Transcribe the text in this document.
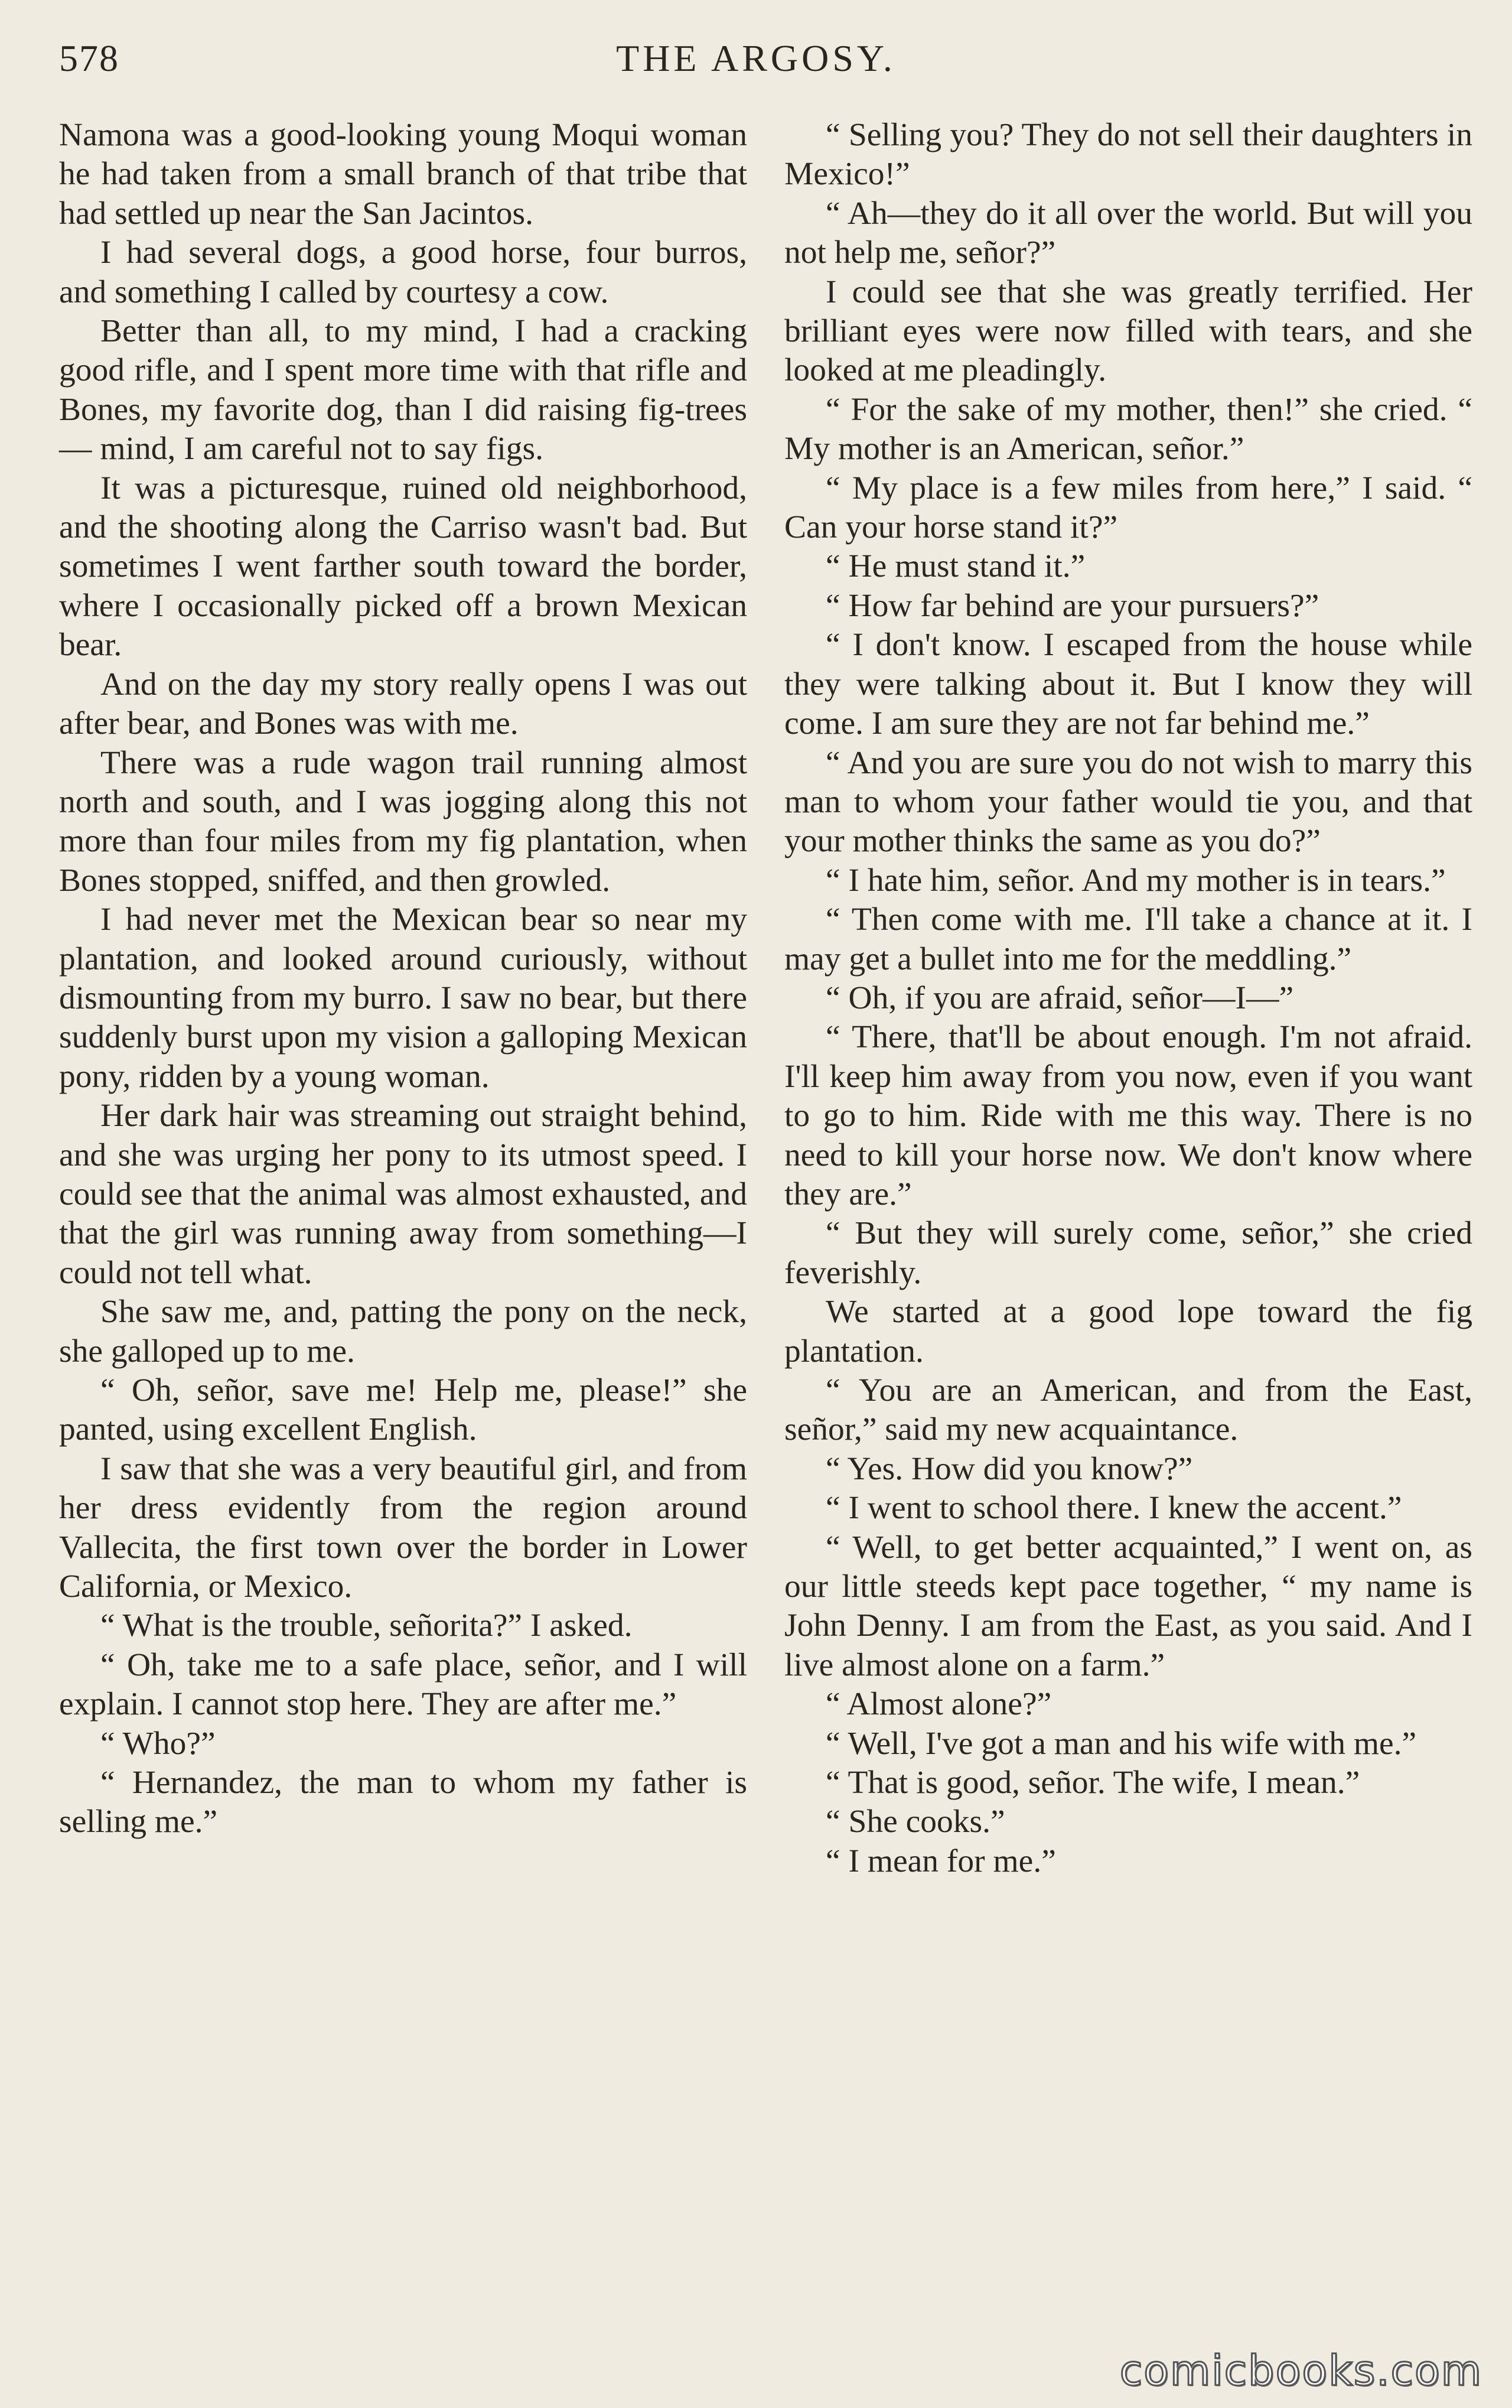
578	THE ARGOSY.

Namona was a good-looking young Moqui woman he had taken from a small branch of that tribe that had settled up near the San Jacintos.

I had several dogs, a good horse, four burros, and something I called by courtesy a cow.

Better than all, to my mind, I had a cracking good rifle, and I spent more time with that rifle and Bones, my favorite dog, than I did raising fig-trees— mind, I am careful not to say figs.

It was a picturesque, ruined old neighborhood, and the shooting along the Carriso wasn't bad. But sometimes I went farther south toward the border, where I occasionally picked off a brown Mexican bear.

And on the day my story really opens I was out after bear, and Bones was with me.

There was a rude wagon trail running almost north and south, and I was jogging along this not more than four miles from my fig plantation, when Bones stopped, sniffed, and then growled.

I had never met the Mexican bear so near my plantation, and looked around curiously, without dismounting from my burro. I saw no bear, but there suddenly burst upon my vision a galloping Mexican pony, ridden by a young woman.

Her dark hair was streaming out straight behind, and she was urging her pony to its utmost speed. I could see that the animal was almost exhausted, and that the girl was running away from something—I could not tell what.

She saw me, and, patting the pony on the neck, she galloped up to me.

“ Oh, señor, save me! Help me, please!” she panted, using excellent English.

I saw that she was a very beautiful girl, and from her dress evidently from the region around Vallecita, the first town over the border in Lower California, or Mexico.

“ What is the trouble, señorita?” I asked.

“ Oh, take me to a safe place, señor, and I will explain. I cannot stop here. They are after me.”

“ Who?”

“ Hernandez, the man to whom my father is selling me.”

“ Selling you? They do not sell their daughters in Mexico!”

“ Ah—they do it all over the world. But will you not help me, señor?”

I could see that she was greatly terrified. Her brilliant eyes were now filled with tears, and she looked at me pleadingly.

“ For the sake of my mother, then!” she cried. “ My mother is an American, señor.”

“ My place is a few miles from here,” I said. “ Can your horse stand it?”

“ He must stand it.”

“ How far behind are your pursuers?”

“ I don't know. I escaped from the house while they were talking about it. But I know they will come. I am sure they are not far behind me.”

“ And you are sure you do not wish to marry this man to whom your father would tie you, and that your mother thinks the same as you do?”

“ I hate him, señor. And my mother is in tears.”

“ Then come with me. I'll take a chance at it. I may get a bullet into me for the meddling.”

“ Oh, if you are afraid, señor—I—”

“ There, that'll be about enough. I'm not afraid. I'll keep him away from you now, even if you want to go to him. Ride with me this way. There is no need to kill your horse now. We don't know where they are.”

“ But they will surely come, señor,” she cried feverishly.

We started at a good lope toward the fig plantation.

“ You are an American, and from the East, señor,” said my new acquaintance.

“ Yes. How did you know?”

“ I went to school there. I knew the accent.”

“ Well, to get better acquainted,” I went on, as our little steeds kept pace together, “ my name is John Denny. I am from the East, as you said. And I live almost alone on a farm.”

“ Almost alone?”

“ Well, I've got a man and his wife with me.”

“ That is good, señor. The wife, I mean.”

“ She cooks.”

“ I mean for me.”

comicbooks.com
